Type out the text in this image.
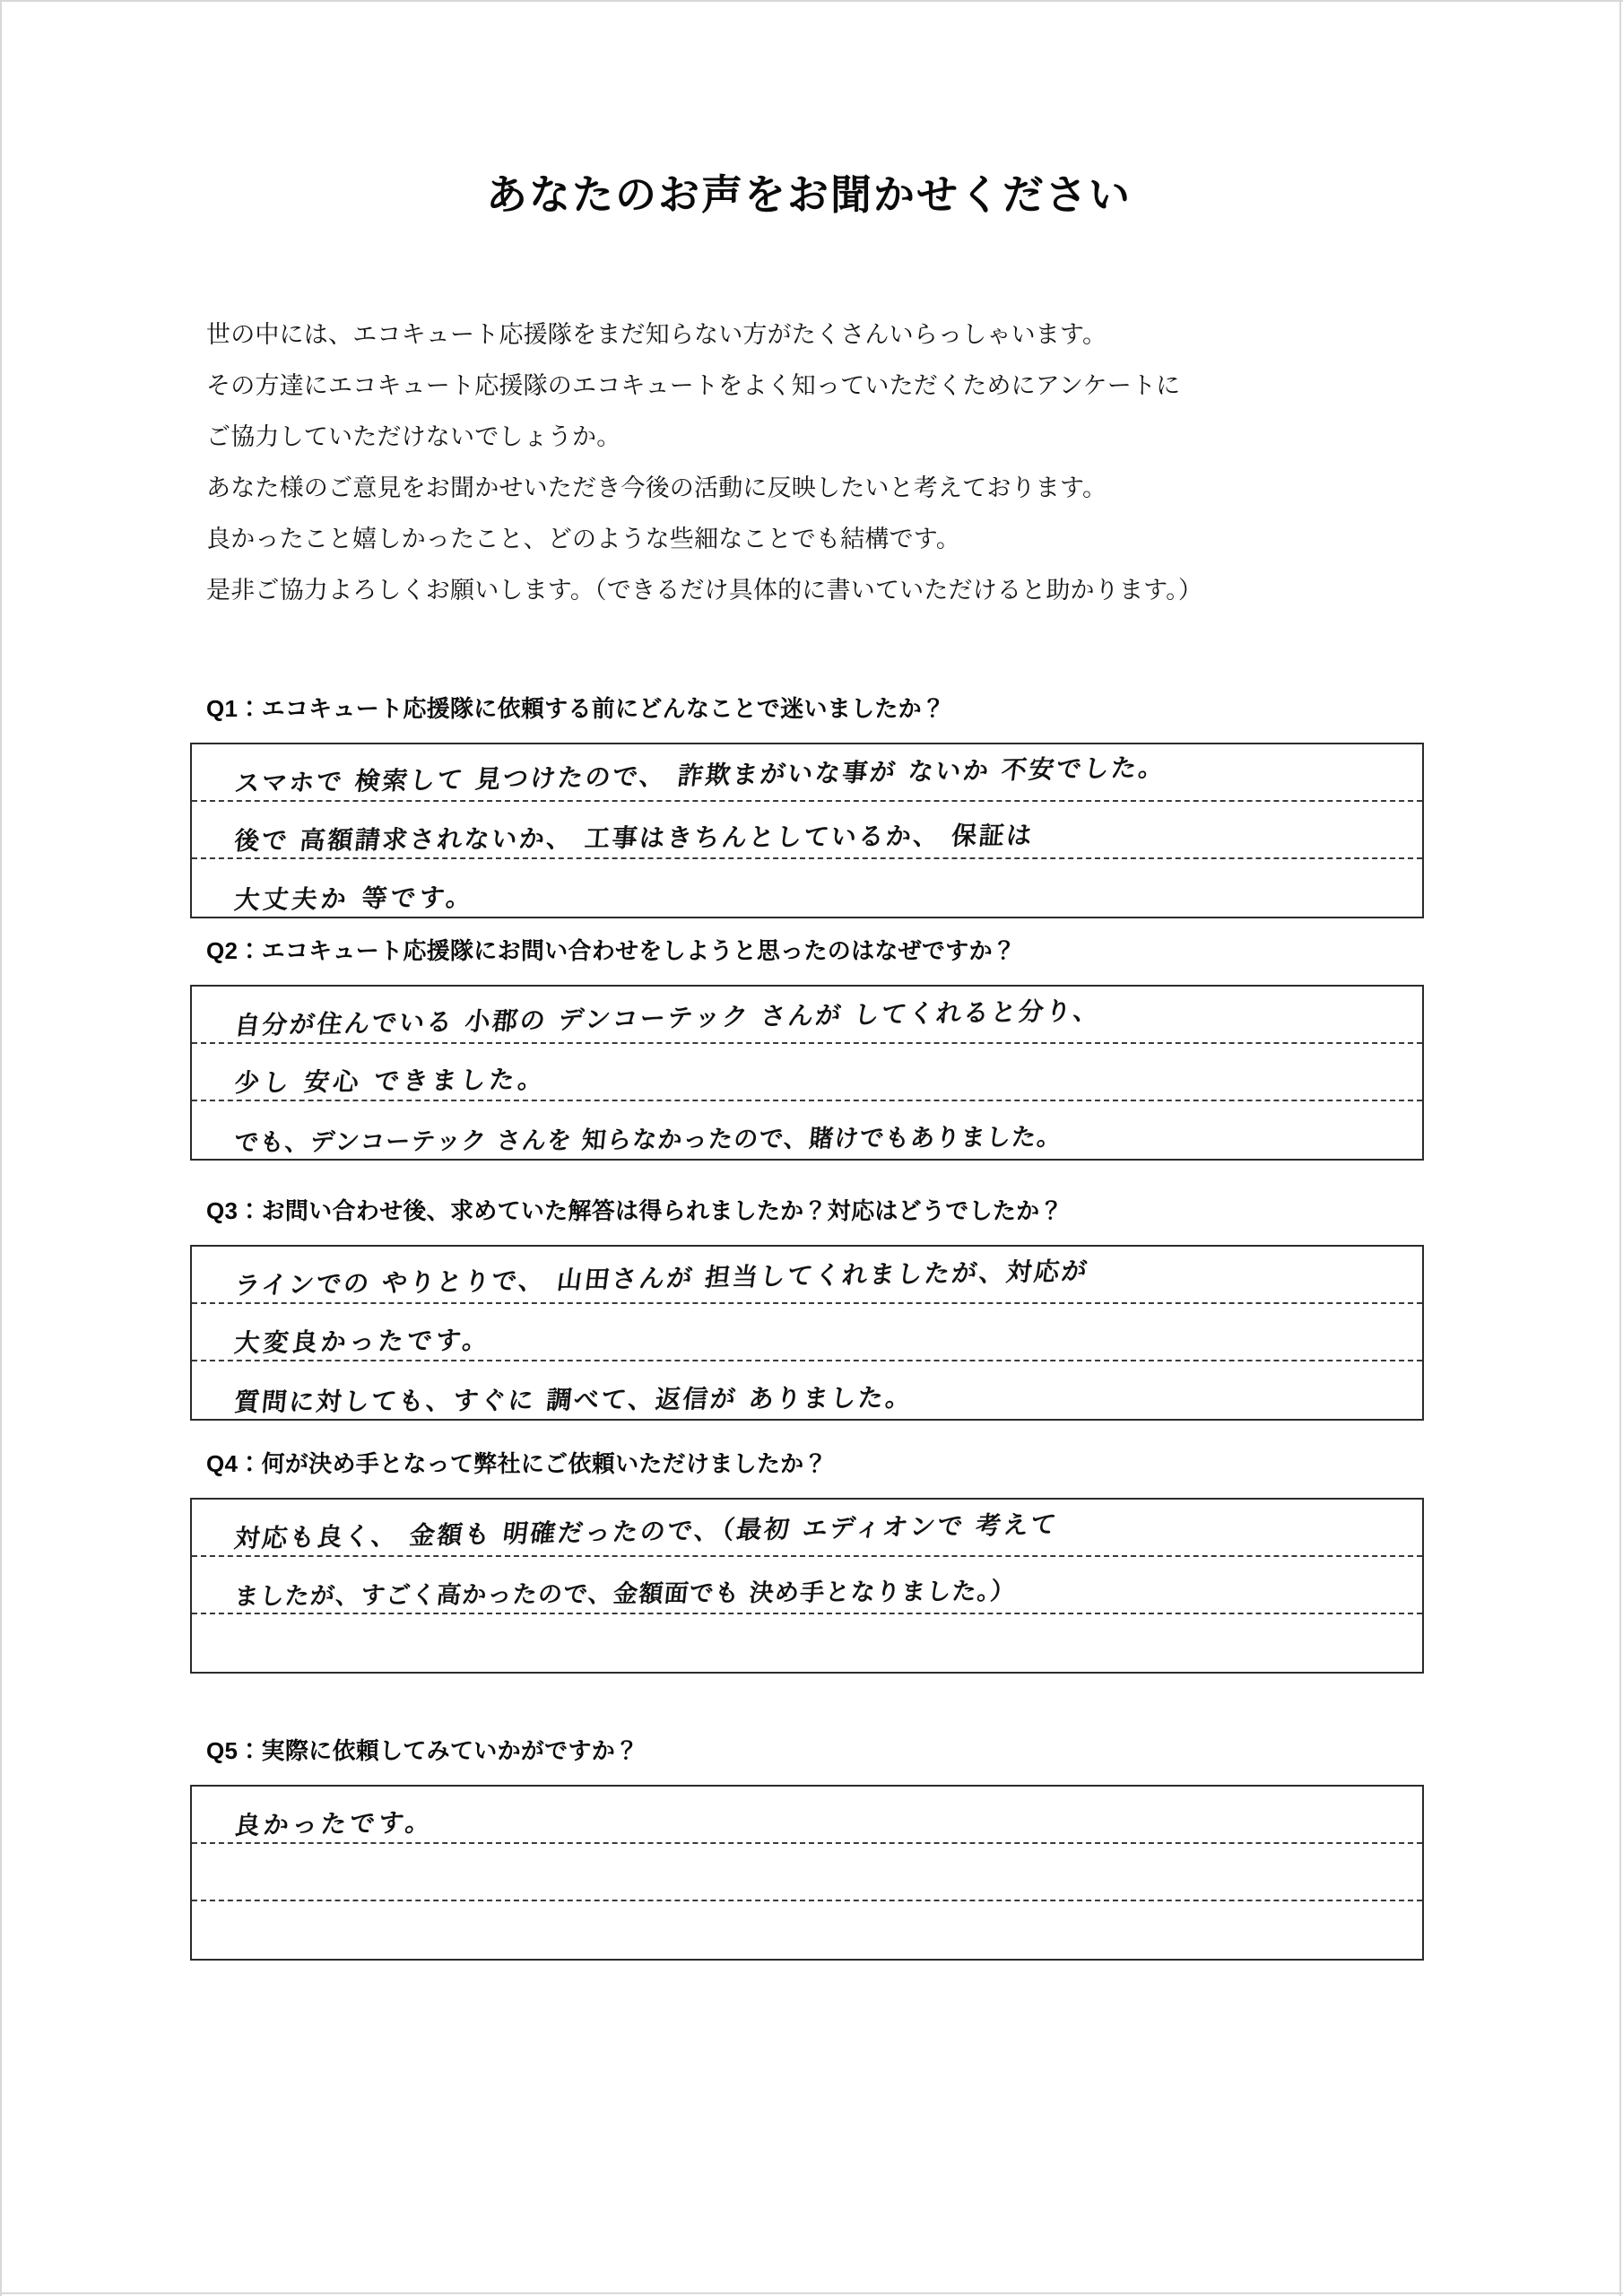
あなたのお声をお聞かせください
世の中には、エコキュート応援隊をまだ知らない方がたくさんいらっしゃいます。
その方達にエコキュート応援隊のエコキュートをよく知っていただくためにアンケートに
ご協力していただけないでしょうか。
あなた様のご意見をお聞かせいただき今後の活動に反映したいと考えております。
良かったこと嬉しかったこと、どのような些細なことでも結構です。
是非ご協力よろしくお願いします。（できるだけ具体的に書いていただけると助かります。）
Q1：エコキュート応援隊に依頼する前にどんなことで迷いましたか？
スマホで 検索して 見つけたので、 詐欺まがいな事が ないか 不安でした。
後で 高額請求されないか、 工事はきちんとしているか、 保証は
大丈夫か 等です。
Q2：エコキュート応援隊にお問い合わせをしようと思ったのはなぜですか？
自分が住んでいる 小郡の デンコーテック さんが してくれると分り、
少し 安心 できました。
でも、デンコーテック さんを 知らなかったので、賭けでもありました。
Q3：お問い合わせ後、求めていた解答は得られましたか？対応はどうでしたか？
ラインでの やりとりで、 山田さんが 担当してくれましたが、対応が
大変良かったです。
質問に対しても、すぐに 調べて、返信が ありました。
Q4：何が決め手となって弊社にご依頼いただけましたか？
対応も良く、 金額も 明確だったので、（最初 エディオンで 考えて
ましたが、すごく高かったので、金額面でも 決め手となりました。）
Q5：実際に依頼してみていかがですか？
良かったです。
